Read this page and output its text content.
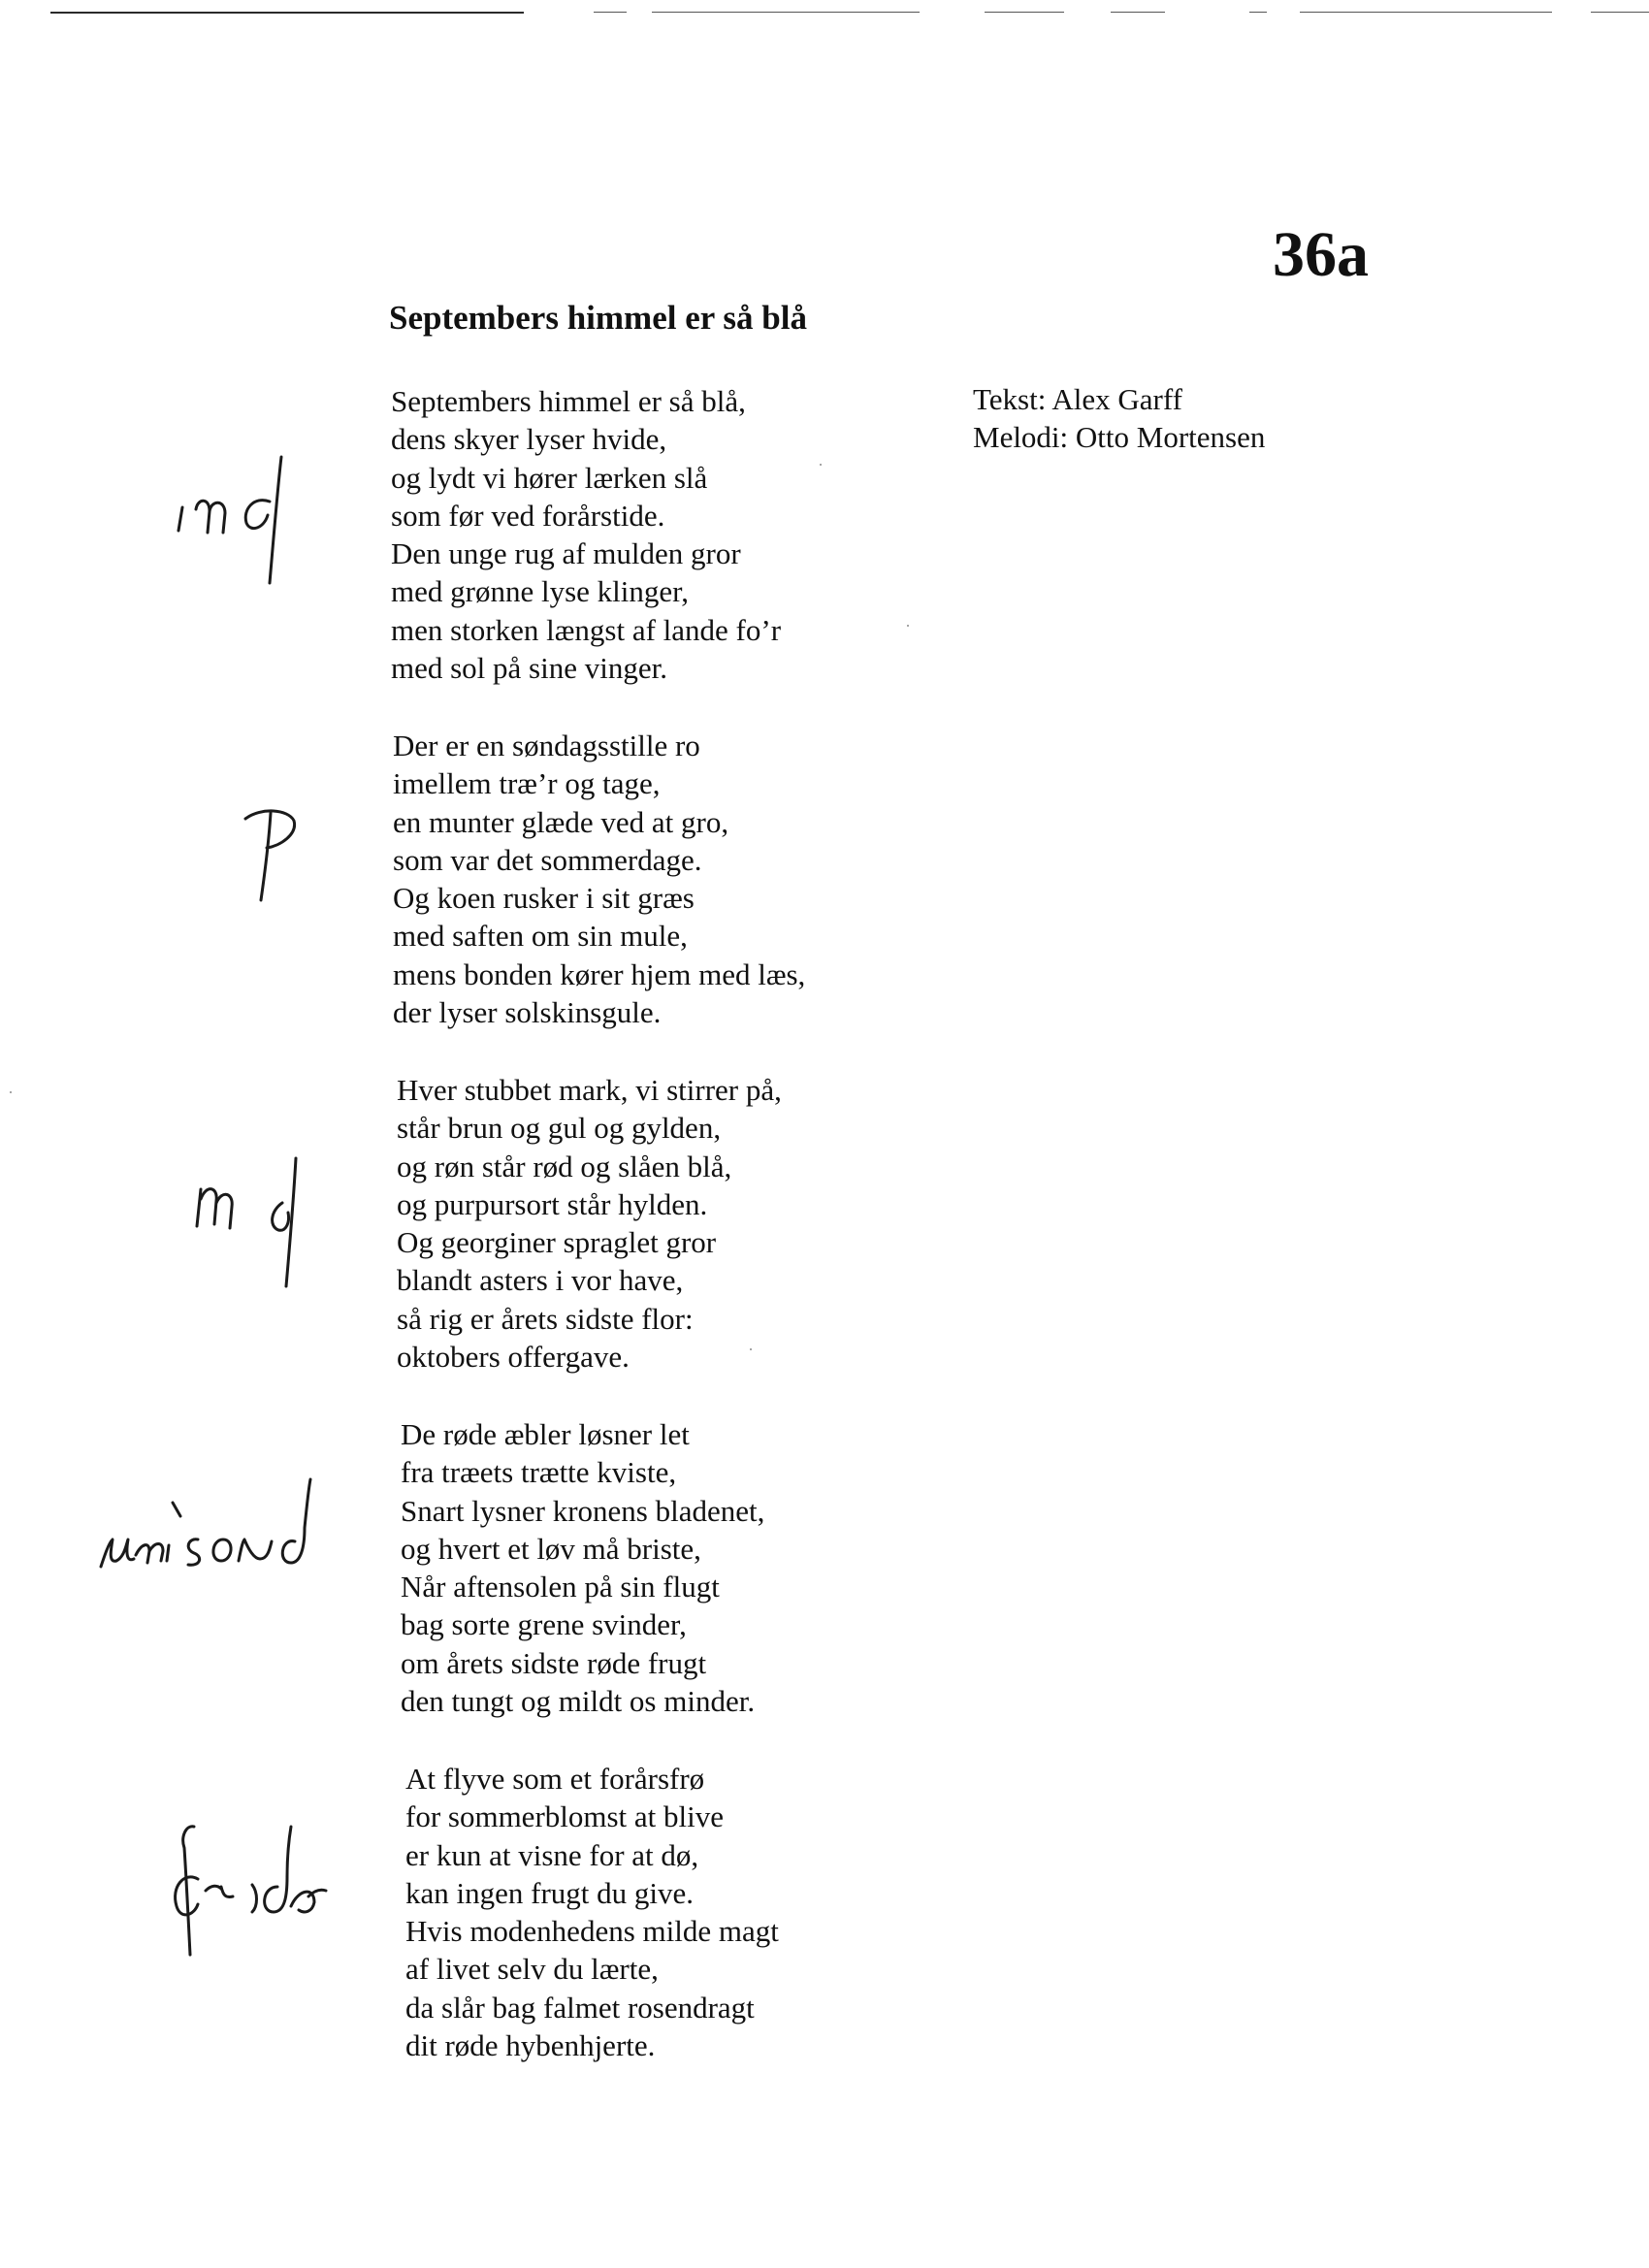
36a
Septembers himmel er så blå
Tekst: Alex Garff
Melodi: Otto Mortensen
Septembers himmel er så blå,
dens skyer lyser hvide,
og lydt vi hører lærken slå
som før ved forårstide.
Den unge rug af mulden gror
med grønne lyse klinger,
men storken længst af lande fo’r
med sol på sine vinger.
Der er en søndagsstille ro
imellem træ’r og tage,
en munter glæde ved at gro,
som var det sommerdage.
Og koen rusker i sit græs
med saften om sin mule,
mens bonden kører hjem med læs,
der lyser solskinsgule.
Hver stubbet mark, vi stirrer på,
står brun og gul og gylden,
og røn står rød og slåen blå,
og purpursort står hylden.
Og georginer spraglet gror
blandt asters i vor have,
så rig er årets sidste flor:
oktobers offergave.
De røde æbler løsner let
fra træets trætte kviste,
Snart lysner kronens bladenet,
og hvert et løv må briste,
Når aftensolen på sin flugt
bag sorte grene svinder,
om årets sidste røde frugt
den tungt og mildt os minder.
At flyve som et forårsfrø
for sommerblomst at blive
er kun at visne for at dø,
kan ingen frugt du give.
Hvis modenhedens milde magt
af livet selv du lærte,
da slår bag falmet rosendragt
dit røde hybenhjerte.
